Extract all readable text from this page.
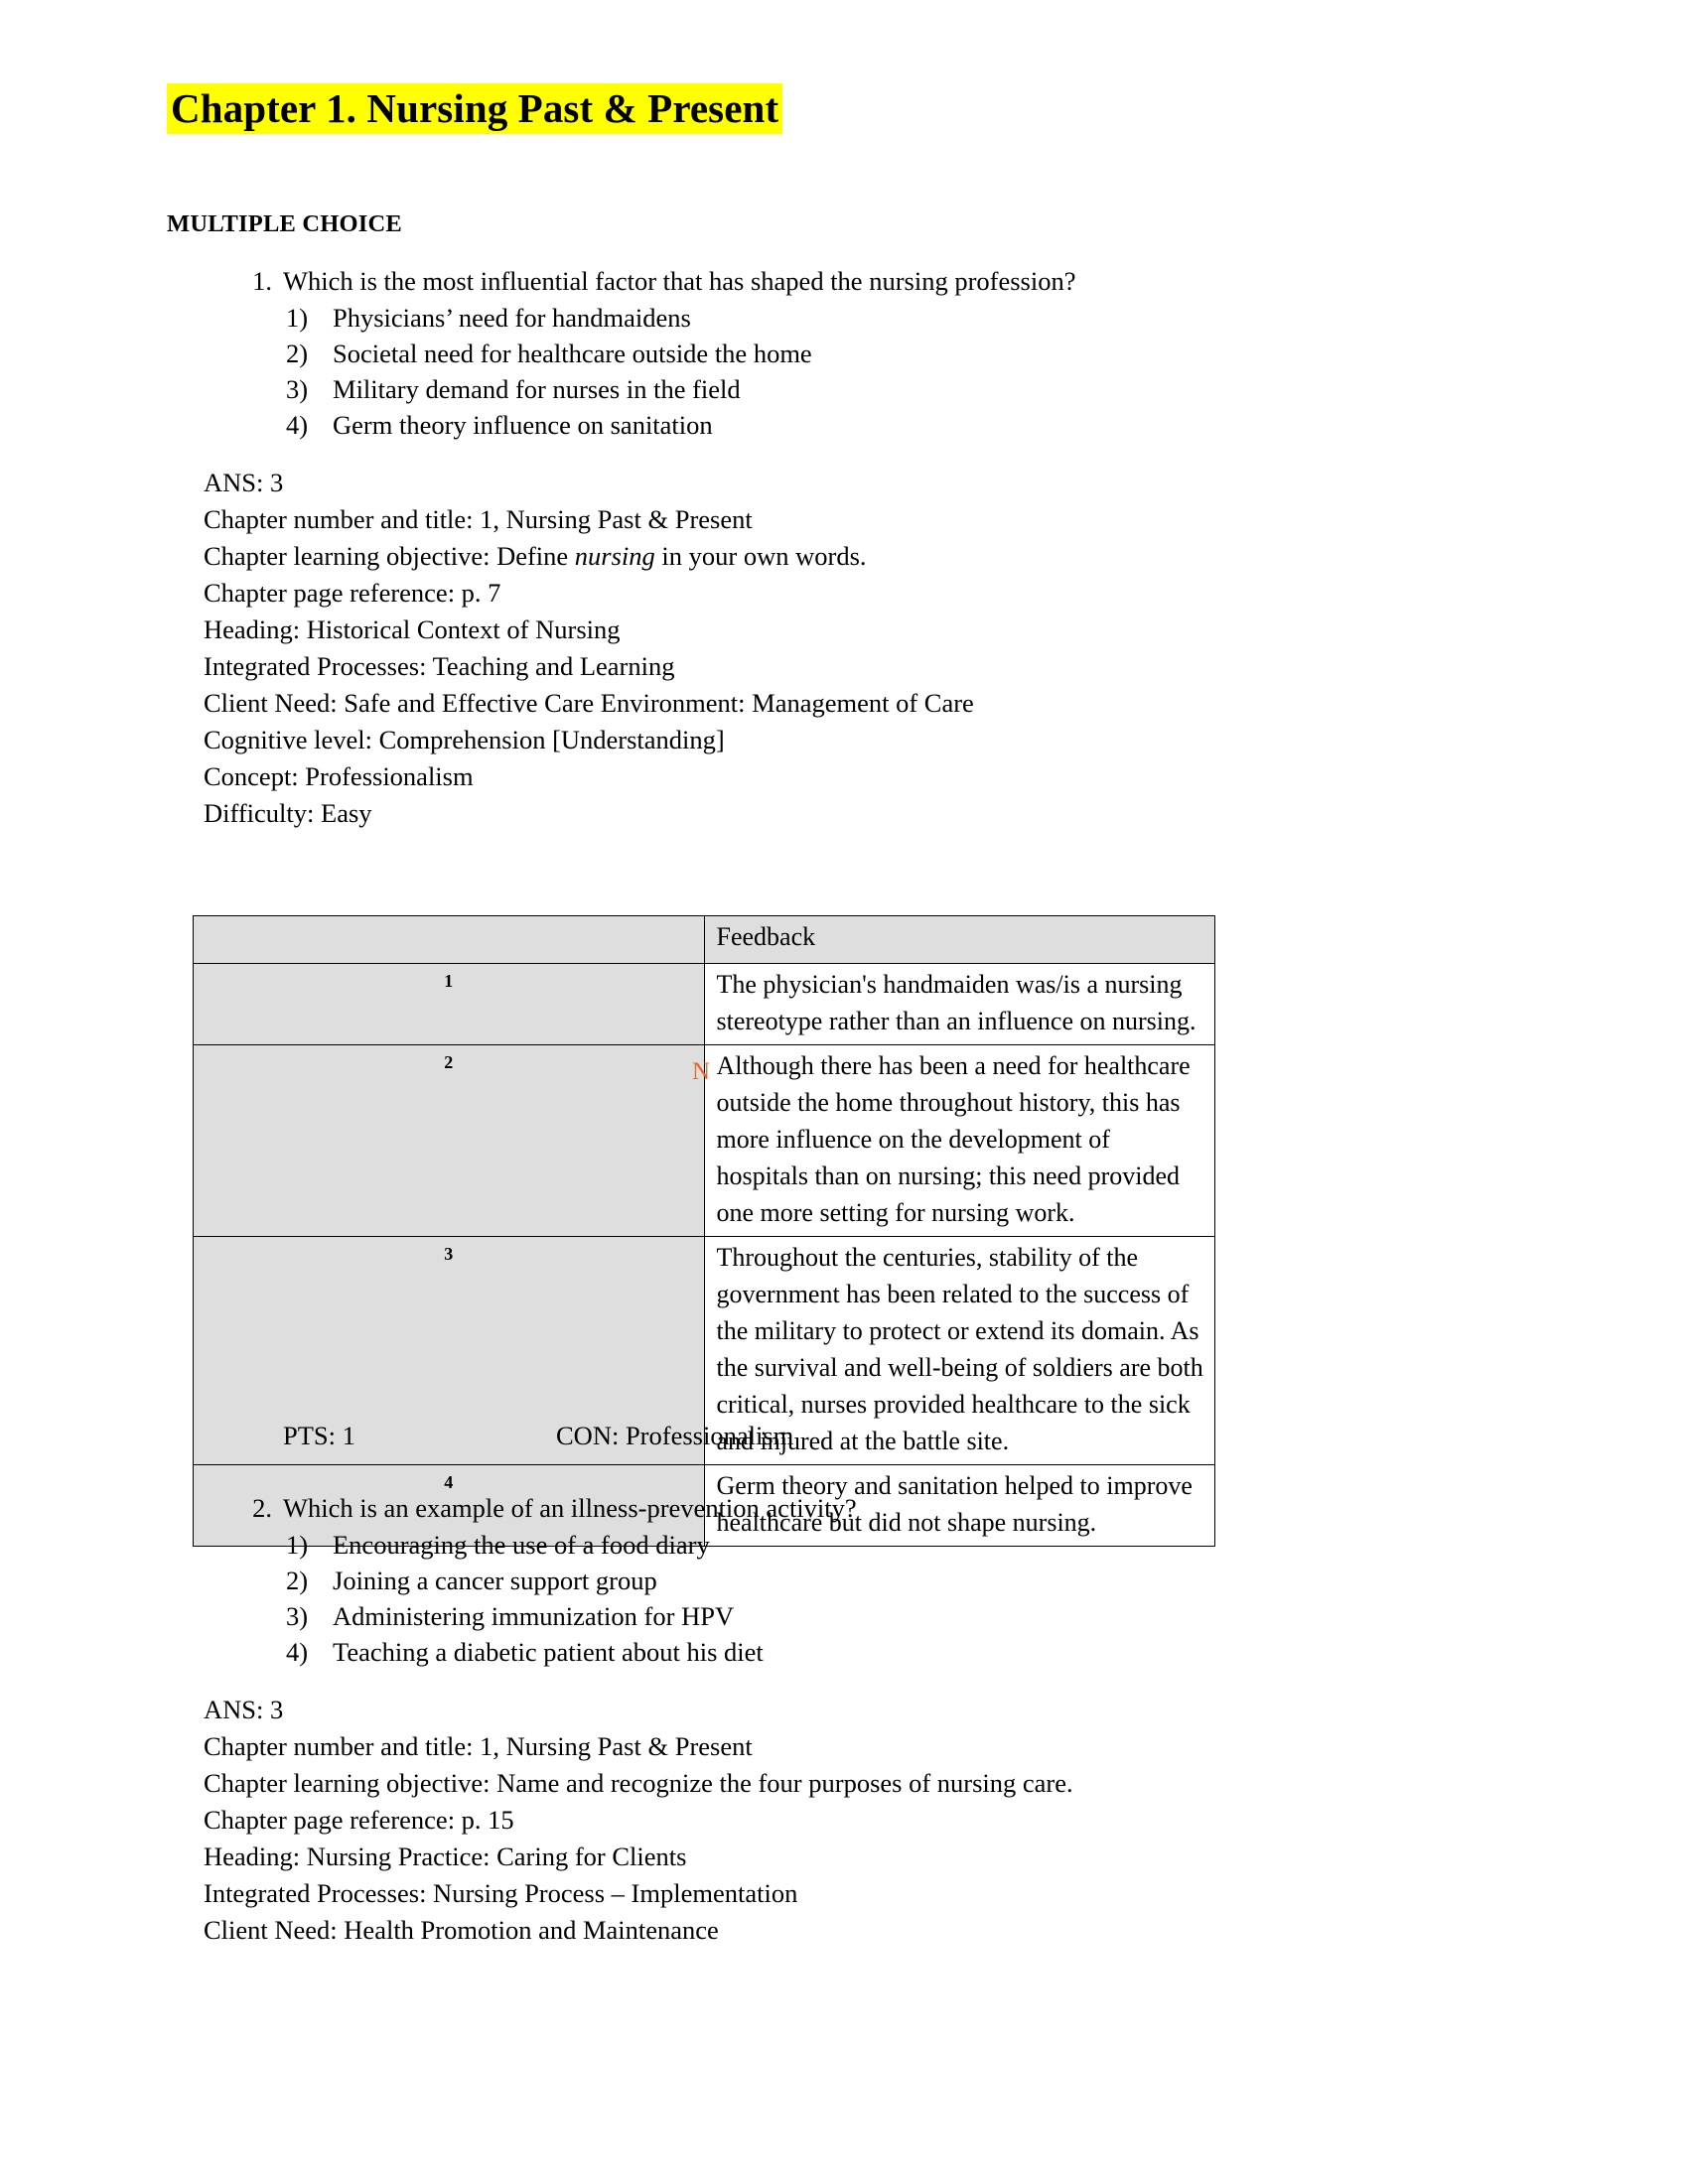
Chapter 1. Nursing Past & Present
MULTIPLE CHOICE
1. Which is the most influential factor that has shaped the nursing profession?
1) Physicians’ need for handmaidens
2) Societal need for healthcare outside the home
3) Military demand for nurses in the field
4) Germ theory influence on sanitation
ANS: 3
Chapter number and title: 1, Nursing Past & Present
Chapter learning objective: Define nursing in your own words.
Chapter page reference: p. 7
Heading: Historical Context of Nursing
Integrated Processes: Teaching and Learning
Client Need: Safe and Effective Care Environment: Management of Care
Cognitive level: Comprehension [Understanding]
Concept: Professionalism
Difficulty: Easy
	Feedback
1	The physician's handmaiden was/is a nursing stereotype rather than an influence on nursing.
2	Although there has been a need for healthcare outside the home throughout history, this has more influence on the development of hospitals than on nursing; this need provided one more setting for nursing work.
3	Throughout the centuries, stability of the government has been related to the success of the military to protect or extend its domain. As the survival and well-being of soldiers are both critical, nurses provided healthcare to the sick and injured at the battle site.
4	Germ theory and sanitation helped to improve healthcare but did not shape nursing.
N
PTS: 1	CON: Professionalism
2. Which is an example of an illness-prevention activity?
1) Encouraging the use of a food diary
2) Joining a cancer support group
3) Administering immunization for HPV
4) Teaching a diabetic patient about his diet
ANS: 3
Chapter number and title: 1, Nursing Past & Present
Chapter learning objective: Name and recognize the four purposes of nursing care.
Chapter page reference: p. 15
Heading: Nursing Practice: Caring for Clients
Integrated Processes: Nursing Process – Implementation
Client Need: Health Promotion and Maintenance
